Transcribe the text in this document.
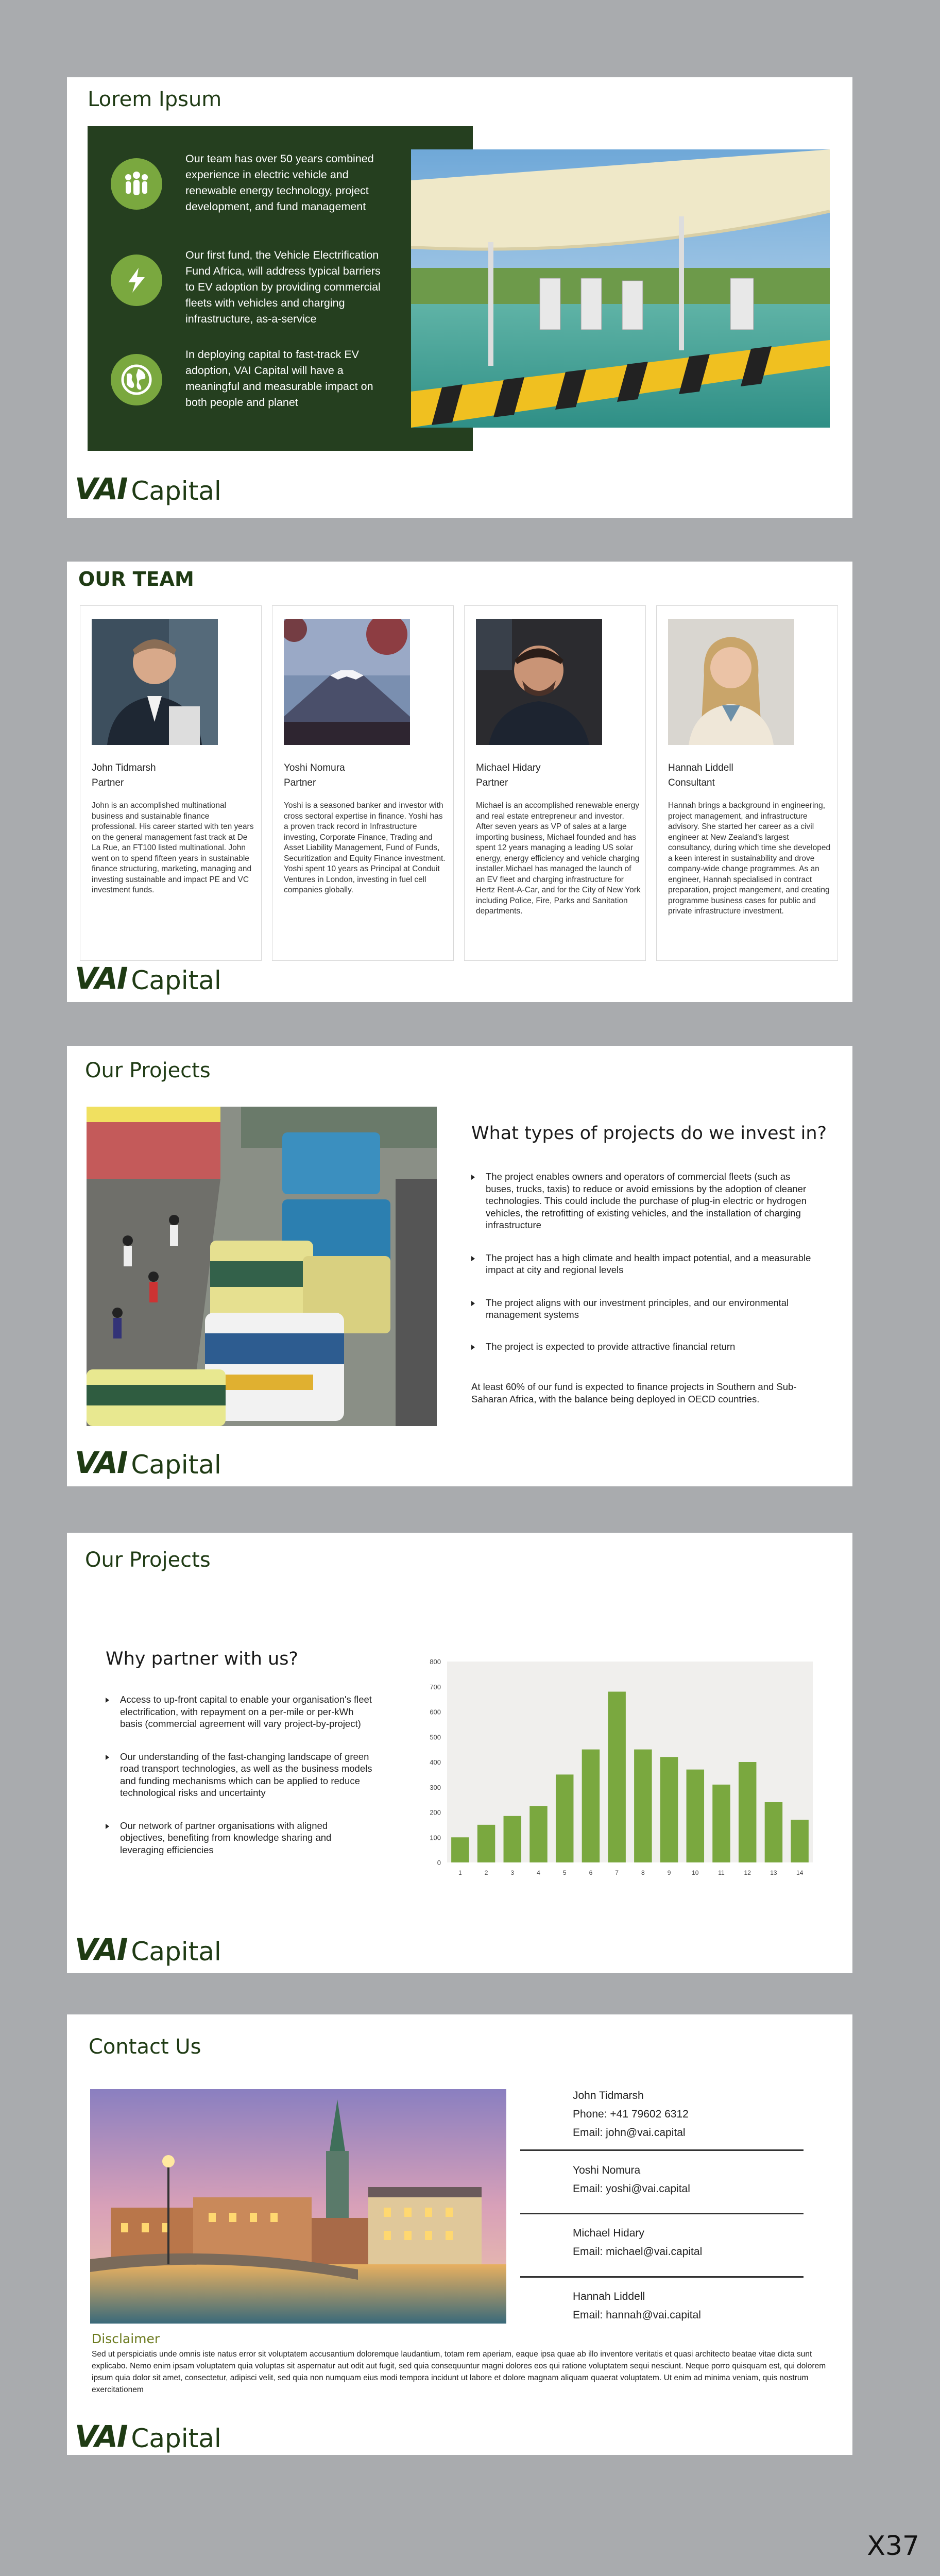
Lorem Ipsum
Our team has over 50 years combined experience in electric vehicle and renewable energy technology, project development, and fund management
Our first fund, the Vehicle Electrification Fund Africa, will address typical barriers to EV adoption by providing commercial fleets with vehicles and charging infrastructure, as-a-service
In deploying capital to fast-track EV adoption, VAI Capital will have a meaningful and measurable impact on both people and planet
VAI Capital
OUR TEAM
John Tidmarsh
Partner
John is an accomplished multinational business and sustainable finance professional. His career started with ten years on the general management fast track at De La Rue, an FT100 listed multinational. John went on to spend fifteen years in sustainable finance structuring, marketing, managing and investing sustainable and impact PE and VC investment funds.
Yoshi Nomura
Partner
Yoshi is a seasoned banker and investor with cross sectoral expertise in finance. Yoshi has a proven track record in Infrastructure investing, Corporate Finance, Trading and Asset Liability Management, Fund of Funds, Securitization and Equity Finance investment. Yoshi spent 10 years as Principal at Conduit Ventures in London, investing in fuel cell companies globally.
Michael Hidary
Partner
Michael is an accomplished renewable energy and real estate entrepreneur and investor. After seven years as VP of sales at a large importing business, Michael founded and has spent 12 years managing a leading US solar energy, energy efficiency and vehicle charging installer.Michael has managed the launch of an EV fleet and charging infrastructure for Hertz Rent-A-Car, and for the City of New York including Police, Fire, Parks and Sanitation departments.
Hannah Liddell
Consultant
Hannah brings a background in engineering, project management, and infrastructure advisory. She started her career as a civil engineer at New Zealand's largest consultancy, during which time she developed a keen interest in sustainability and drove company-wide change programmes. As an engineer, Hannah specialised in contract preparation, project mangement, and creating programme business cases for public and private infrastructure investment.
VAI Capital
Our Projects
What types of projects do we invest in?
The project enables owners and operators of commercial fleets (such as buses, trucks, taxis) to reduce or avoid emissions by the adoption of cleaner technologies. This could include the purchase of plug-in electric or hydrogen vehicles, the retrofitting of existing vehicles, and the installation of charging infrastructure
The project has a high climate and health impact potential, and a measurable impact at city and regional levels
The project aligns with our investment principles, and our environmental management systems
The project is expected to provide attractive financial return
At least 60% of our fund is expected to finance projects in Southern and Sub-Saharan Africa, with the balance being deployed in OECD countries.
VAI Capital
Our Projects
Why partner with us?
Access to up-front capital to enable your organisation's fleet electrification, with repayment on a per-mile or per-kWh basis (commercial agreement will vary project-by-project)
Our understanding of the fast-changing landscape of green road transport technologies, as well as the business models and funding mechanisms which can be applied to reduce technological risks and uncertainty
Our network of partner organisations with aligned objectives, benefiting from knowledge sharing and leveraging efficiencies
0
100
200
300
400
500
600
700
800
1	2	3	4	5	6	7	8	9	10	11	12	13	14
VAI Capital
Contact Us
John Tidmarsh
Phone: +41 79602 6312
Email: john@vai.capital
Yoshi Nomura
Email: yoshi@vai.capital
Michael Hidary
Email: michael@vai.capital
Hannah Liddell
Email: hannah@vai.capital
Disclaimer
Sed ut perspiciatis unde omnis iste natus error sit voluptatem accusantium doloremque laudantium, totam rem aperiam, eaque ipsa quae ab illo inventore veritatis et quasi architecto beatae vitae dicta sunt explicabo. Nemo enim ipsam voluptatem quia voluptas sit aspernatur aut odit aut fugit, sed quia consequuntur magni dolores eos qui ratione voluptatem sequi nesciunt. Neque porro quisquam est, qui dolorem ipsum quia dolor sit amet, consectetur, adipisci velit, sed quia non numquam eius modi tempora incidunt ut labore et dolore magnam aliquam quaerat voluptatem. Ut enim ad minima veniam, quis nostrum exercitationem
VAI Capital
X37
